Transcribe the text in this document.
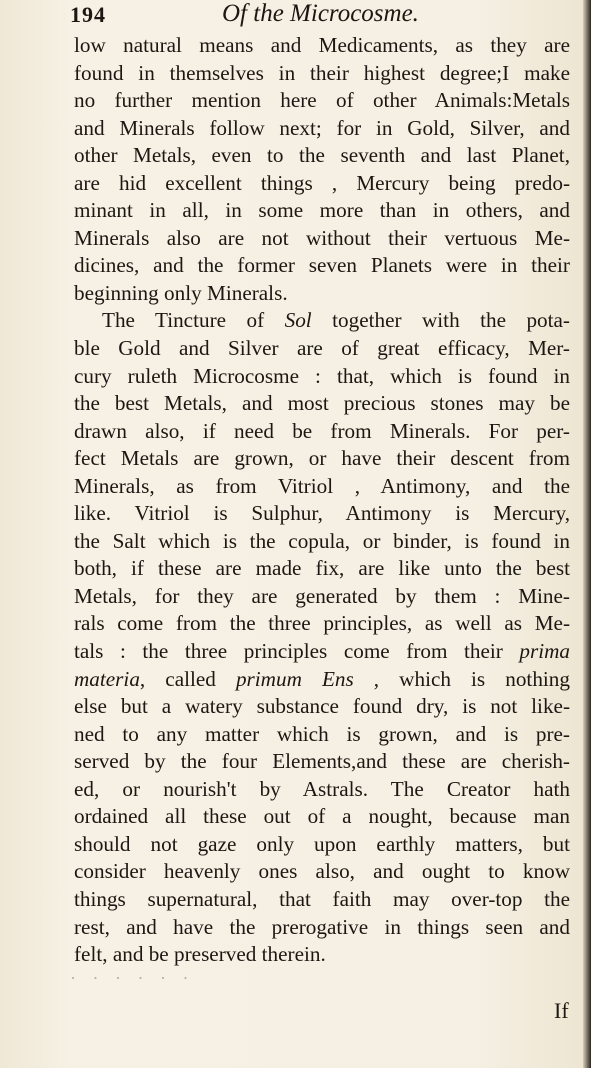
194	Of the Microcosme.
low natural means and Medicaments, as they are
found in themselves in their highest degree;I make
no further mention here of other Animals:Metals
and Minerals follow next; for in Gold, Silver, and
other Metals, even to the seventh and last Planet,
are hid excellent things , Mercury being predo-
minant in all, in some more than in others, and
Minerals also are not without their vertuous Me-
dicines, and the former seven Planets were in their
beginning only Minerals.
The Tincture of Sol together with the pota-
ble Gold and Silver are of great efficacy, Mer-
cury ruleth Microcosme : that, which is found in
the best Metals, and most precious stones may be
drawn also, if need be from Minerals. For per-
fect Metals are grown, or have their descent from
Minerals, as from Vitriol , Antimony, and the
like. Vitriol is Sulphur, Antimony is Mercury,
the Salt which is the copula, or binder, is found in
both, if these are made fix, are like unto the best
Metals, for they are generated by them : Mine-
rals come from the three principles, as well as Me-
tals : the three principles come from their prima
materia, called primum Ens , which is nothing
else but a watery substance found dry, is not like-
ned to any matter which is grown, and is pre-
served by the four Elements,and these are cherish-
ed, or nourish't by Astrals. The Creator hath
ordained all these out of a nought, because man
should not gaze only upon earthly matters, but
consider heavenly ones also, and ought to know
things supernatural, that faith may over-top the
rest, and have the prerogative in things seen and
felt, and be preserved therein.
· · · · · ·
If
